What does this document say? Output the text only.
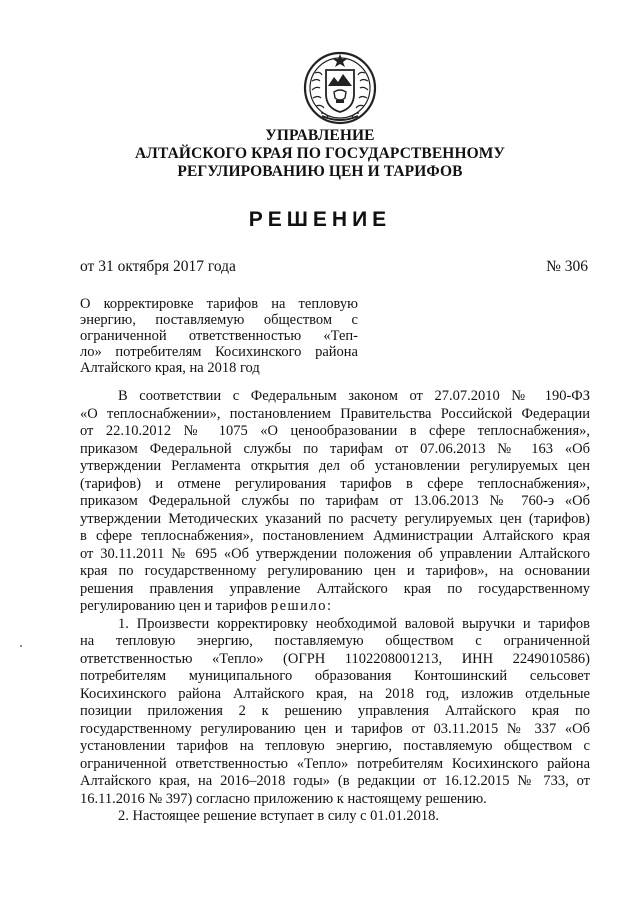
УПРАВЛЕНИЕ
АЛТАЙСКОГО КРАЯ ПО ГОСУДАРСТВЕННОМУ
РЕГУЛИРОВАНИЮ ЦЕН И ТАРИФОВ
РЕШЕНИЕ
от 31 октября 2017 года	№ 306
О корректировке тарифов на тепловую
энергию, поставляемую обществом с
ограниченной ответственностью «Теп-
ло» потребителям Косихинского района
Алтайского края, на 2018 год
В соответствии с Федеральным законом от 27.07.2010 № 190-ФЗ
«О теплоснабжении», постановлением Правительства Российской Федерации
от 22.10.2012 № 1075 «О ценообразовании в сфере теплоснабжения»,
приказом Федеральной службы по тарифам от 07.06.2013 № 163 «Об
утверждении Регламента открытия дел об установлении регулируемых цен
(тарифов) и отмене регулирования тарифов в сфере теплоснабжения»,
приказом Федеральной службы по тарифам от 13.06.2013 № 760-э «Об
утверждении Методических указаний по расчету регулируемых цен (тарифов)
в сфере теплоснабжения», постановлением Администрации Алтайского края
от 30.11.2011 № 695 «Об утверждении положения об управлении Алтайского
края по государственному регулированию цен и тарифов», на основании
решения правления управление Алтайского края по государственному
регулированию цен и тарифов решило:
1. Произвести корректировку необходимой валовой выручки и тарифов
на тепловую энергию, поставляемую обществом с ограниченной
ответственностью «Тепло» (ОГРН 1102208001213, ИНН 2249010586)
потребителям муниципального образования Контошинский сельсовет
Косихинского района Алтайского края, на 2018 год, изложив отдельные
позиции приложения 2 к решению управления Алтайского края по
государственному регулированию цен и тарифов от 03.11.2015 № 337 «Об
установлении тарифов на тепловую энергию, поставляемую обществом с
ограниченной ответственностью «Тепло» потребителям Косихинского района
Алтайского края, на 2016–2018 годы» (в редакции от 16.12.2015 № 733, от
16.11.2016 № 397) согласно приложению к настоящему решению.
2. Настоящее решение вступает в силу с 01.01.2018.
